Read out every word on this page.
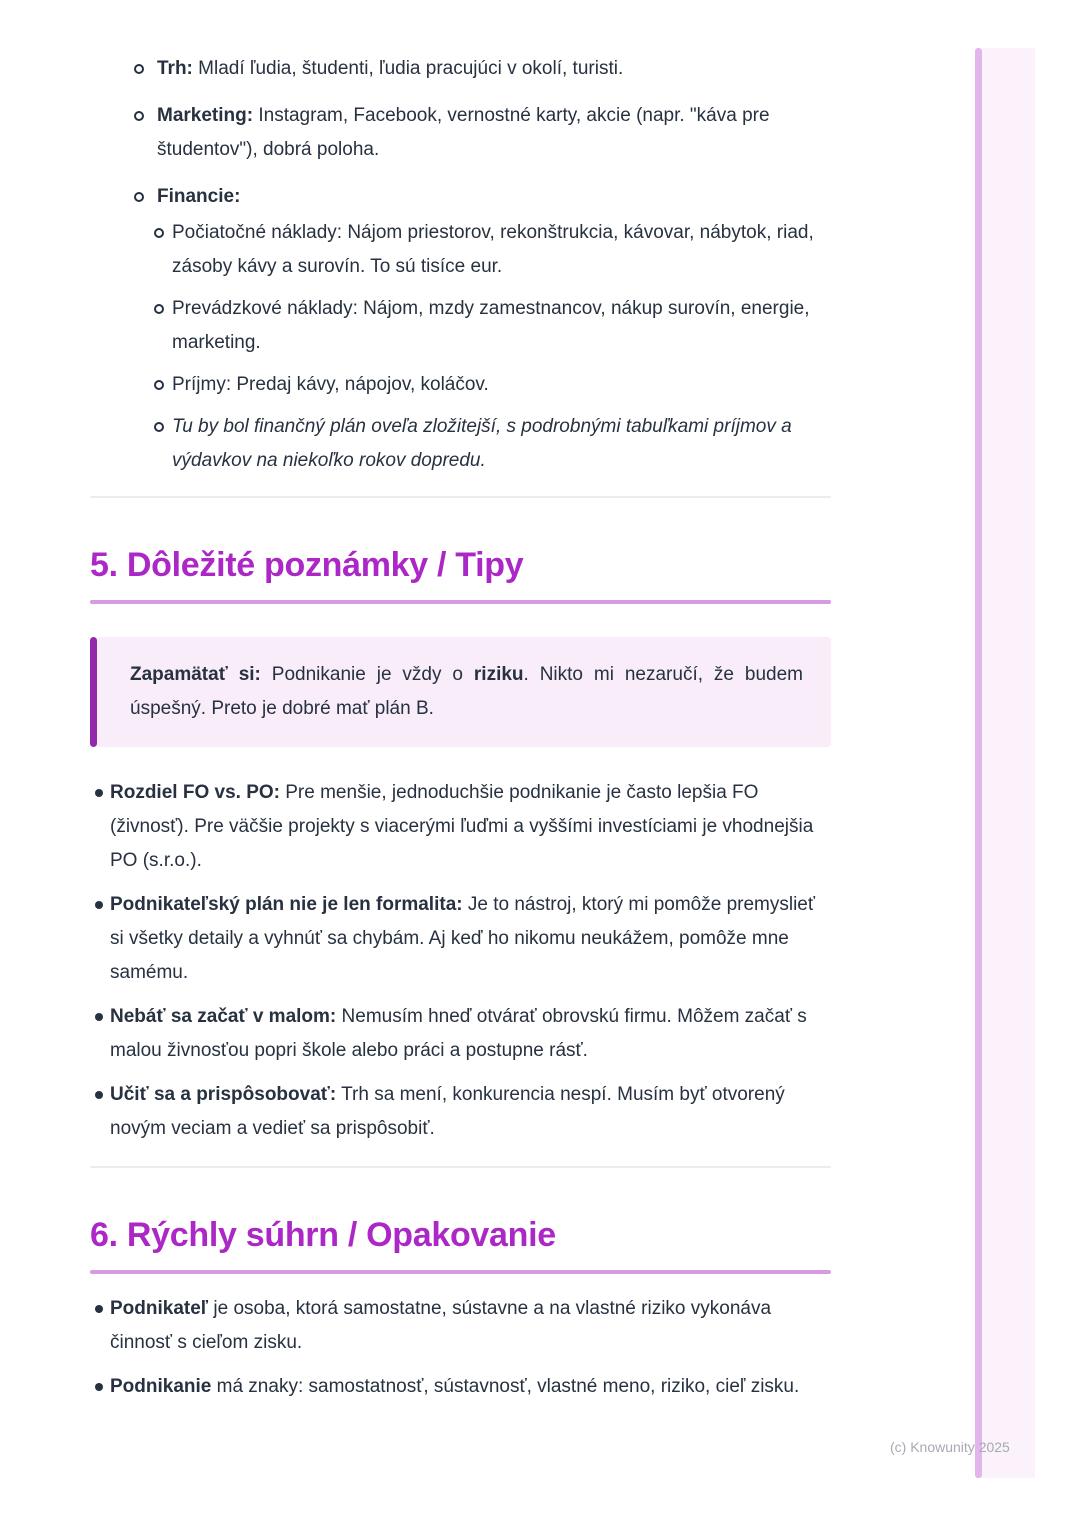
Trh: Mladí ľudia, študenti, ľudia pracujúci v okolí, turisti.
Marketing: Instagram, Facebook, vernostné karty, akcie (napr. "káva pre študentov"), dobrá poloha.
Financie:
Počiatočné náklady: Nájom priestorov, rekonštrukcia, kávovar, nábytok, riad, zásoby kávy a surovín. To sú tisíce eur.
Prevádzkové náklady: Nájom, mzdy zamestnancov, nákup surovín, energie, marketing.
Príjmy: Predaj kávy, nápojov, koláčov.
Tu by bol finančný plán oveľa zložitejší, s podrobnými tabuľkami príjmov a výdavkov na niekoľko rokov dopredu.
5. Dôležité poznámky / Tipy

Zapamätať si: Podnikanie je vždy o riziku. Nikto mi nezaručí, že budem úspešný. Preto je dobré mať plán B.

Rozdiel FO vs. PO: Pre menšie, jednoduchšie podnikanie je často lepšia FO (živnosť). Pre väčšie projekty s viacerými ľuďmi a vyššími investíciami je vhodnejšia PO (s.r.o.).
Podnikateľský plán nie je len formalita: Je to nástroj, ktorý mi pomôže premyslieť si všetky detaily a vyhnúť sa chybám. Aj keď ho nikomu neukážem, pomôže mne samému.
Nebáť sa začať v malom: Nemusím hneď otvárať obrovskú firmu. Môžem začať s malou živnosťou popri škole alebo práci a postupne rásť.
Učiť sa a prispôsobovať: Trh sa mení, konkurencia nespí. Musím byť otvorený novým veciam a vedieť sa prispôsobiť.
6. Rýchly súhrn / Opakovanie
Podnikateľ je osoba, ktorá samostatne, sústavne a na vlastné riziko vykonáva činnosť s cieľom zisku.
Podnikanie má znaky: samostatnosť, sústavnosť, vlastné meno, riziko, cieľ zisku.
(c) Knowunity 2025
